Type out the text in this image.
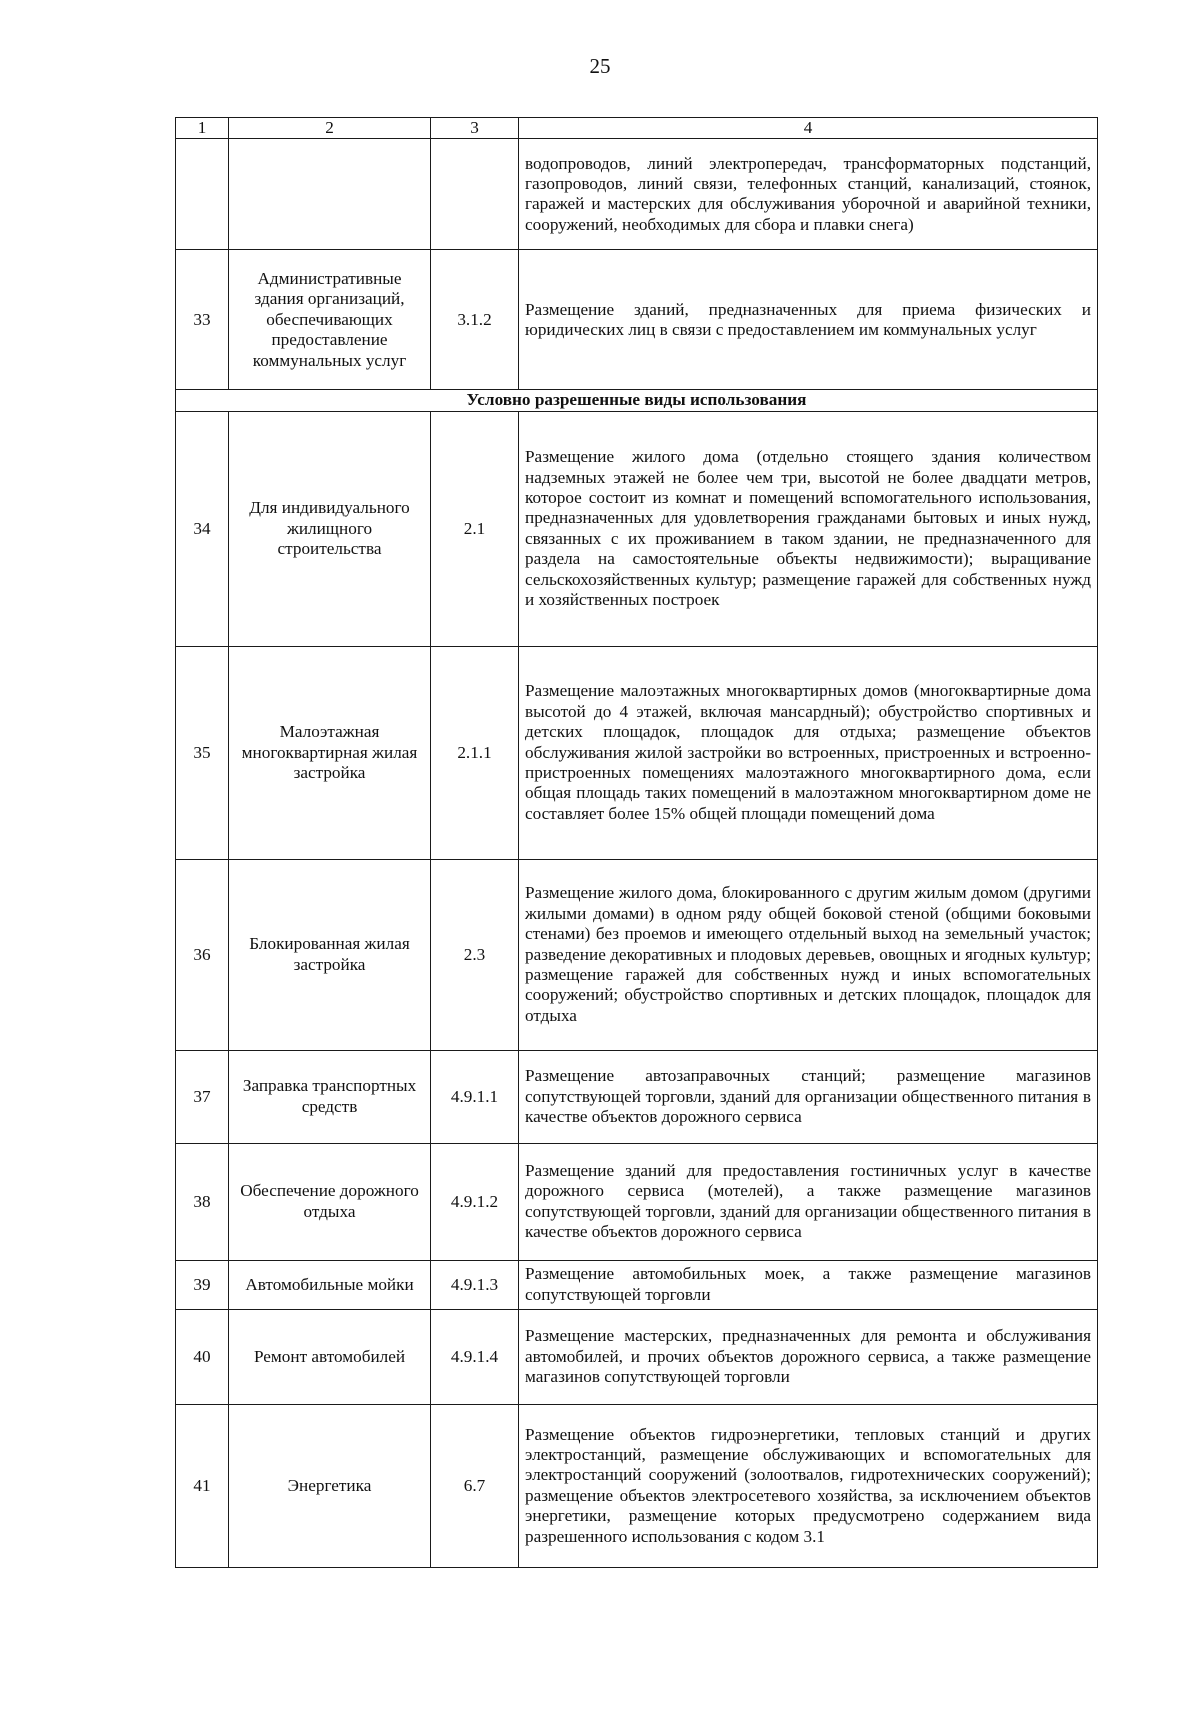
25
1	2	3	4
			водопроводов, линий электропередач, трансформаторных подстанций, газопроводов, линий связи, телефонных станций, канализаций, стоянок, гаражей и мастерских для обслуживания уборочной и аварийной техники, сооружений, необходимых для сбора и плавки снега)
33	Административные здания организаций, обеспечивающих предоставление коммунальных услуг	3.1.2	Размещение зданий, предназначенных для приема физических и юридических лиц в связи с предоставлением им коммунальных услуг
Условно разрешенные виды использования			
34	Для индивидуального жилищного строительства	2.1	Размещение жилого дома (отдельно стоящего здания количеством надземных этажей не более чем три, высотой не более двадцати метров, которое состоит из комнат и помещений вспомогательного использования, предназначенных для удовлетворения гражданами бытовых и иных нужд, связанных с их проживанием в таком здании, не предназначенного для раздела на самостоятельные объекты недвижимости); выращивание сельскохозяйственных культур; размещение гаражей для собственных нужд и хозяйственных построек
35	Малоэтажная многоквартирная жилая застройка	2.1.1	Размещение малоэтажных многоквартирных домов (многоквартирные дома высотой до 4 этажей, включая мансардный); обустройство спортивных и детских площадок, площадок для отдыха; размещение объектов обслуживания жилой застройки во встроенных, пристроенных и встроенно-пристроенных помещениях малоэтажного многоквартирного дома, если общая площадь таких помещений в малоэтажном многоквартирном доме не составляет более 15% общей площади помещений дома
36	Блокированная жилая застройка	2.3	Размещение жилого дома, блокированного с другим жилым домом (другими жилыми домами) в одном ряду общей боковой стеной (общими боковыми стенами) без проемов и имеющего отдельный выход на земельный участок; разведение декоративных и плодовых деревьев, овощных и ягодных культур; размещение гаражей для собственных нужд и иных вспомогательных сооружений; обустройство спортивных и детских площадок, площадок для отдыха
37	Заправка транспортных средств	4.9.1.1	Размещение автозаправочных станций; размещение магазинов сопутствующей торговли, зданий для организации общественного питания в качестве объектов дорожного сервиса
38	Обеспечение дорожного отдыха	4.9.1.2	Размещение зданий для предоставления гостиничных услуг в качестве дорожного сервиса (мотелей), а также размещение магазинов сопутствующей торговли, зданий для организации общественного питания в качестве объектов дорожного сервиса
39	Автомобильные мойки	4.9.1.3	Размещение автомобильных моек, а также размещение магазинов сопутствующей торговли
40	Ремонт автомобилей	4.9.1.4	Размещение мастерских, предназначенных для ремонта и обслуживания автомобилей, и прочих объектов дорожного сервиса, а также размещение магазинов сопутствующей торговли
41	Энергетика	6.7	Размещение объектов гидроэнергетики, тепловых станций и других электростанций, размещение обслуживающих и вспомогательных для электростанций сооружений (золоотвалов, гидротехнических сооружений); размещение объектов электросетевого хозяйства, за исключением объектов энергетики, размещение которых предусмотрено содержанием вида разрешенного использования с кодом 3.1
